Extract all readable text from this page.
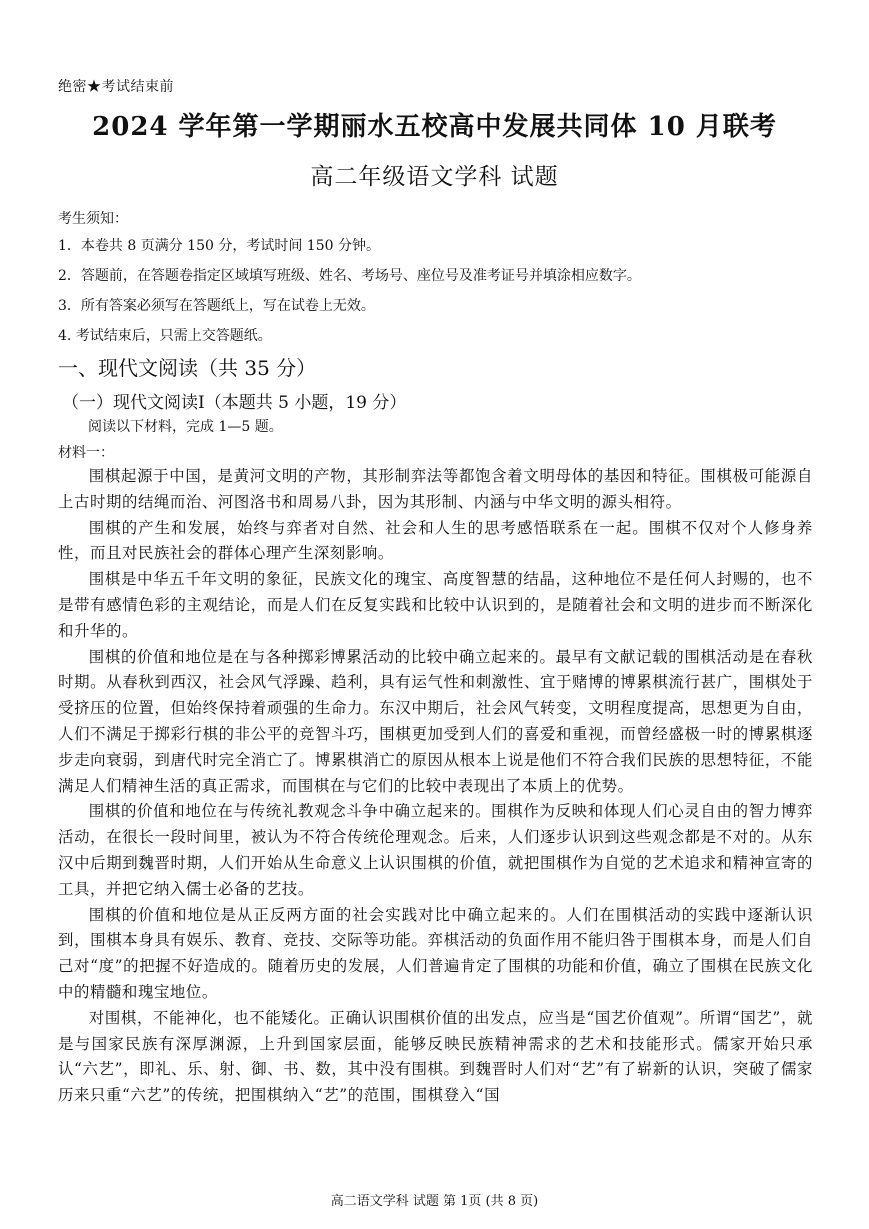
绝密★考试结束前
2024 学年第一学期丽水五校高中发展共同体 10 月联考
高二年级语文学科 试题
考生须知：
1．本卷共 8 页满分 150 分，考试时间 150 分钟。
2．答题前，在答题卷指定区域填写班级、姓名、考场号、座位号及准考证号并填涂相应数字。
3．所有答案必须写在答题纸上，写在试卷上无效。
4. 考试结束后，只需上交答题纸。
一、现代文阅读（共 35 分）
（一）现代文阅读Ⅰ（本题共 5 小题，19 分）
阅读以下材料，完成 1—5 题。
材料一：

围棋起源于中国，是黄河文明的产物，其形制弈法等都饱含着文明母体的基因和特征。围棋极可能源自上古时期的结绳而治、河图洛书和周易八卦，因为其形制、内涵与中华文明的源头相符。

围棋的产生和发展，始终与弈者对自然、社会和人生的思考感悟联系在一起。围棋不仅对个人修身养性，而且对民族社会的群体心理产生深刻影响。

围棋是中华五千年文明的象征，民族文化的瑰宝、高度智慧的结晶，这种地位不是任何人封赐的，也不是带有感情色彩的主观结论，而是人们在反复实践和比较中认识到的，是随着社会和文明的进步而不断深化和升华的。

围棋的价值和地位是在与各种掷彩博累活动的比较中确立起来的。最早有文献记载的围棋活动是在春秋时期。从春秋到西汉，社会风气浮躁、趋利，具有运气性和刺激性、宜于赌博的博累棋流行甚广，围棋处于受挤压的位置，但始终保持着顽强的生命力。东汉中期后，社会风气转变，文明程度提高，思想更为自由，人们不满足于掷彩行棋的非公平的竞智斗巧，围棋更加受到人们的喜爱和重视，而曾经盛极一时的博累棋逐步走向衰弱，到唐代时完全消亡了。博累棋消亡的原因从根本上说是他们不符合我们民族的思想特征，不能满足人们精神生活的真正需求，而围棋在与它们的比较中表现出了本质上的优势。

围棋的价值和地位在与传统礼教观念斗争中确立起来的。围棋作为反映和体现人们心灵自由的智力博弈活动，在很长一段时间里，被认为不符合传统伦理观念。后来，人们逐步认识到这些观念都是不对的。从东汉中后期到魏晋时期，人们开始从生命意义上认识围棋的价值，就把围棋作为自觉的艺术追求和精神宣寄的工具，并把它纳入儒士必备的艺技。

围棋的价值和地位是从正反两方面的社会实践对比中确立起来的。人们在围棋活动的实践中逐渐认识到，围棋本身具有娱乐、教育、竞技、交际等功能。弈棋活动的负面作用不能归咎于围棋本身，而是人们自己对“度”的把握不好造成的。随着历史的发展，人们普遍肯定了围棋的功能和价值，确立了围棋在民族文化中的精髓和瑰宝地位。

对围棋，不能神化，也不能矮化。正确认识围棋价值的出发点，应当是“国艺价值观”。所谓“国艺”，就是与国家民族有深厚渊源，上升到国家层面，能够反映民族精神需求的艺术和技能形式。儒家开始只承认“六艺”，即礼、乐、射、御、书、数，其中没有围棋。到魏晋时人们对“艺”有了崭新的认识，突破了儒家历来只重“六艺”的传统，把围棋纳入“艺”的范围，围棋登入“国

高二语文学科 试题 第 1页 (共 8 页)
